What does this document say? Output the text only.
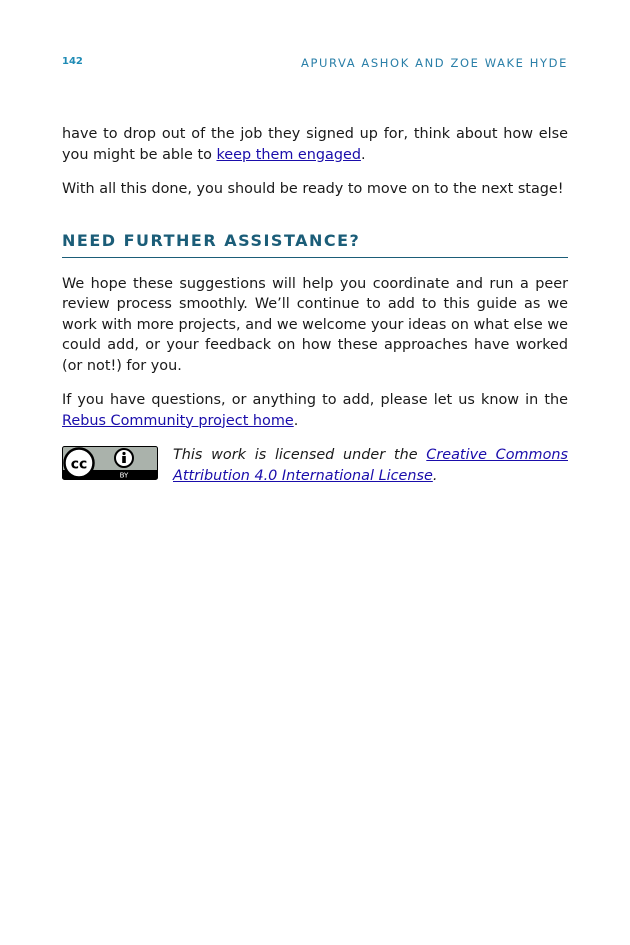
142	APURVA ASHOK AND ZOE WAKE HYDE

have to drop out of the job they signed up for, think about how else you might be able to keep them engaged.

With all this done, you should be ready to move on to the next stage!

NEED FURTHER ASSISTANCE?

We hope these suggestions will help you coordinate and run a peer review process smoothly. We’ll continue to add to this guide as we work with more projects, and we welcome your ideas on what else we could add, or your feedback on how these approaches have worked (or not!) for you.

If you have questions, or anything to add, please let us know in the Rebus Community project home.

cc
BY
This work is licensed under the Creative Commons Attribution 4.0 International License.
